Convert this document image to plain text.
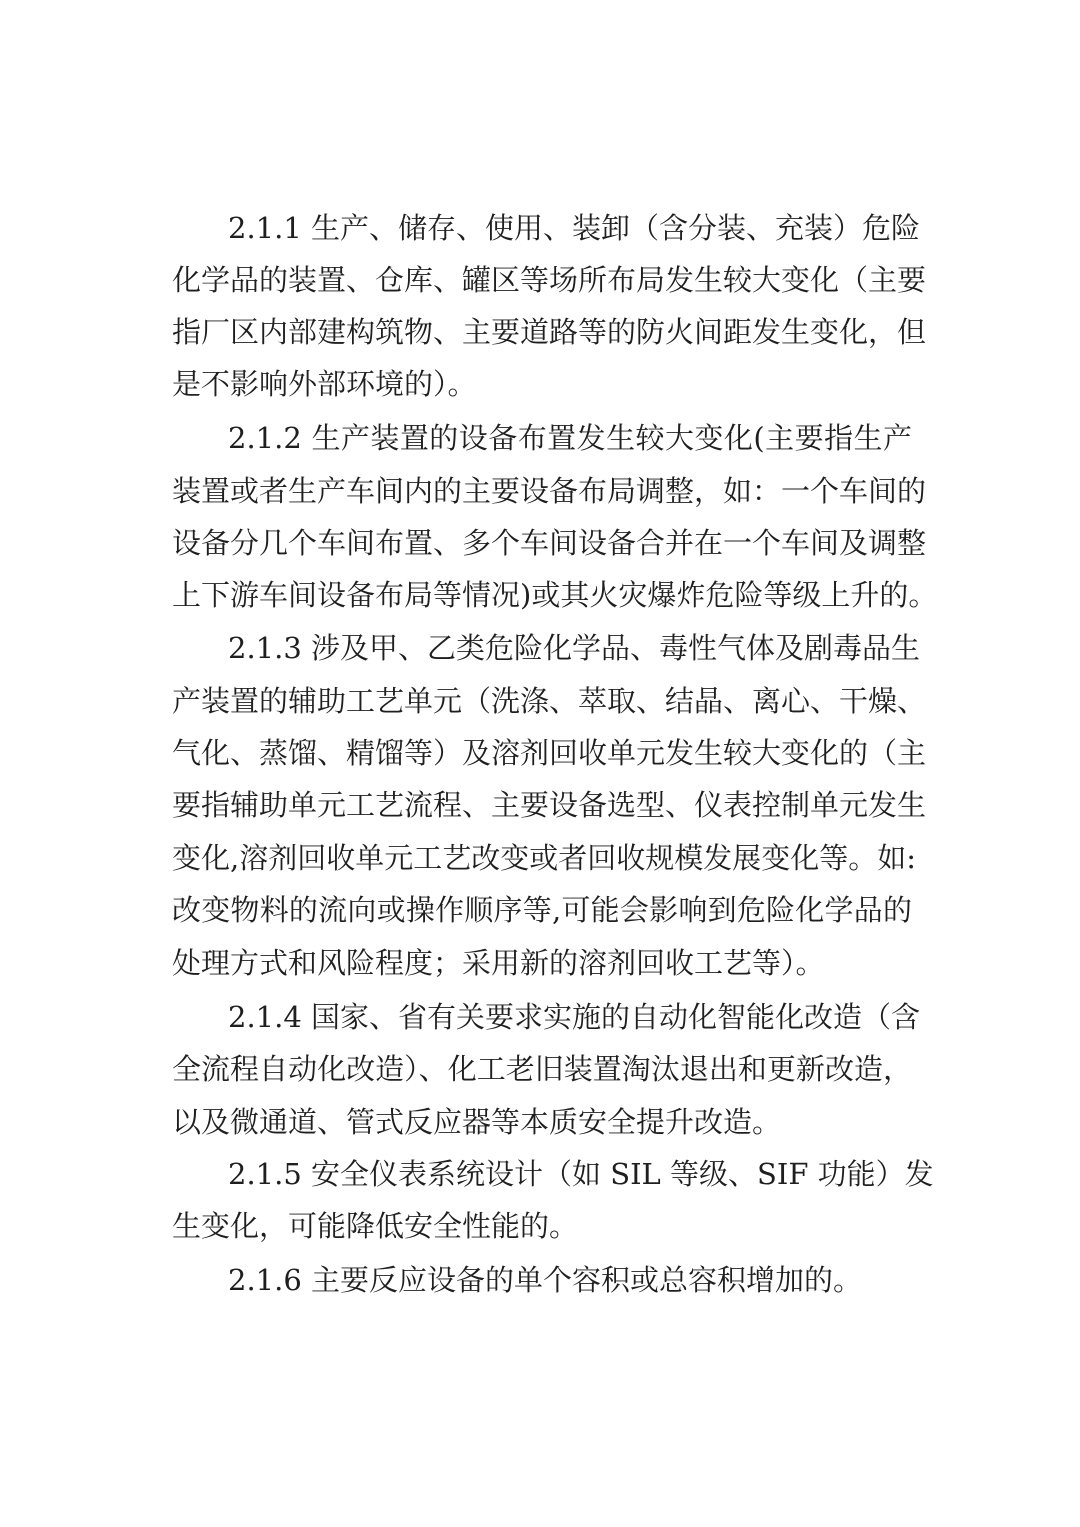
2.1.1 生产、储存、使用、装卸（含分装、充装）危险
化学品的装置、仓库、罐区等场所布局发生较大变化（主要
指厂区内部建构筑物、主要道路等的防火间距发生变化，但
是不影响外部环境的）。
2.1.2 生产装置的设备布置发生较大变化(主要指生产
装置或者生产车间内的主要设备布局调整，如：一个车间的
设备分几个车间布置、多个车间设备合并在一个车间及调整
上下游车间设备布局等情况)或其火灾爆炸危险等级上升的。
2.1.3 涉及甲、乙类危险化学品、毒性气体及剧毒品生
产装置的辅助工艺单元（洗涤、萃取、结晶、离心、干燥、
气化、蒸馏、精馏等）及溶剂回收单元发生较大变化的（主
要指辅助单元工艺流程、主要设备选型、仪表控制单元发生
变化,溶剂回收单元工艺改变或者回收规模发展变化等。如:
改变物料的流向或操作顺序等,可能会影响到危险化学品的
处理方式和风险程度；采用新的溶剂回收工艺等）。
2.1.4 国家、省有关要求实施的自动化智能化改造（含
全流程自动化改造）、化工老旧装置淘汰退出和更新改造，
以及微通道、管式反应器等本质安全提升改造。
2.1.5 安全仪表系统设计（如 SIL 等级、SIF 功能）发
生变化，可能降低安全性能的。
2.1.6 主要反应设备的单个容积或总容积增加的。
